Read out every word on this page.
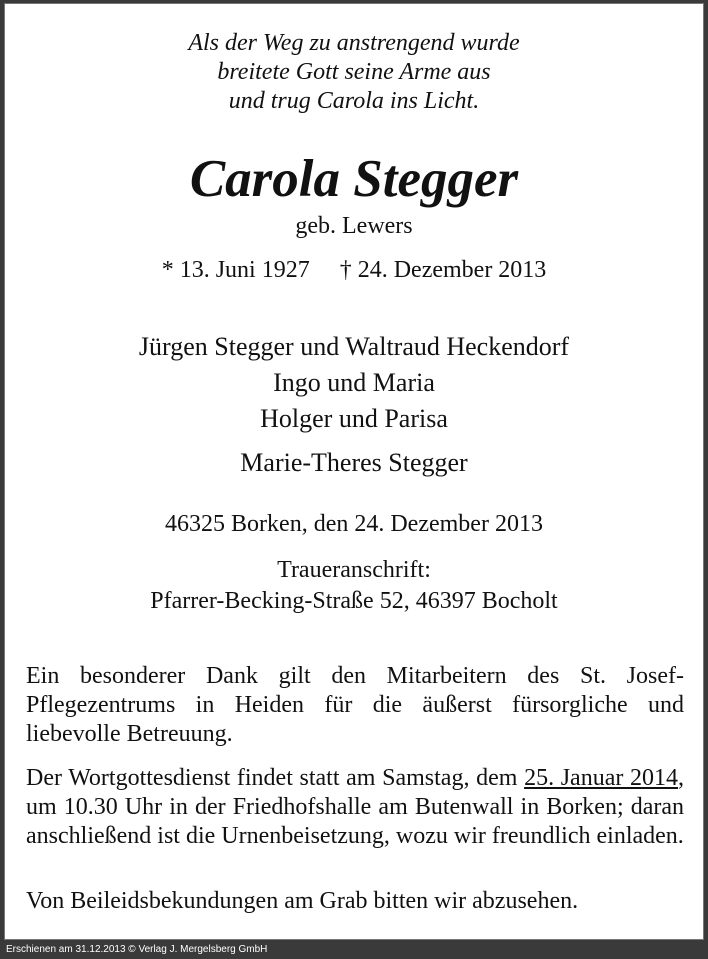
Als der Weg zu anstrengend wurde
breitete Gott seine Arme aus
und trug Carola ins Licht.
Carola Stegger
geb. Lewers
* 13. Juni 1927 † 24. Dezember 2013
Jürgen Stegger und Waltraud Heckendorf
Ingo und Maria
Holger und Parisa
Marie-Theres Stegger
46325 Borken, den 24. Dezember 2013
Traueranschrift:
Pfarrer-Becking-Straße 52, 46397 Bocholt
Ein besonderer Dank gilt den Mitarbeitern des St. Josef-Pflegezentrums in Heiden für die äußerst fürsorgliche und liebevolle Betreuung.
Der Wortgottesdienst findet statt am Samstag, dem 25. Januar 2014, um 10.30 Uhr in der Friedhofshalle am Butenwall in Borken; daran anschließend ist die Urnenbeisetzung, wozu wir freundlich einladen.
Von Beileidsbekundungen am Grab bitten wir abzusehen.
Erschienen am 31.12.2013 © Verlag J. Mergelsberg GmbH
